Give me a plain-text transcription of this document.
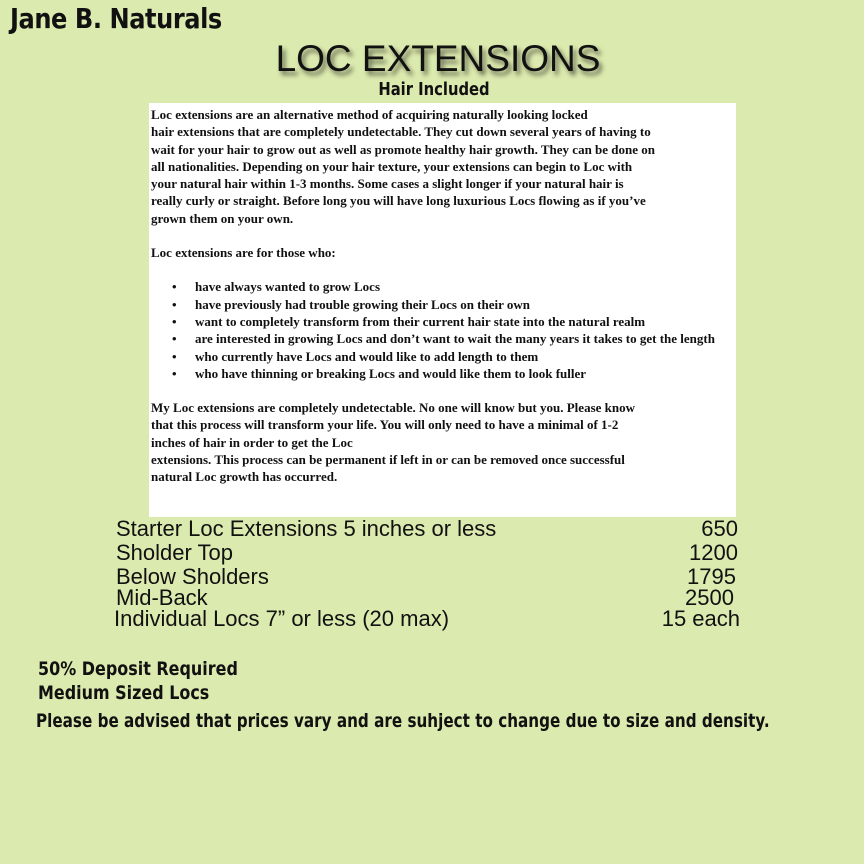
Jane B. Naturals
LOC EXTENSIONS
Hair Included

Loc extensions are an alternative method of acquiring naturally looking locked

hair extensions that are completely undetectable. They cut down several years of having to

wait for your hair to grow out as well as promote healthy hair growth. They can be done on

all nationalities. Depending on your hair texture, your extensions can begin to Loc with

your natural hair within 1-3 months. Some cases a slight longer if your natural hair is

really curly or straight. Before long you will have long luxurious Locs flowing as if you’ve

grown them on your own.

Loc extensions are for those who:

• have always wanted to grow Locs
• have previously had trouble growing their Locs on their own
• want to completely transform from their current hair state into the natural realm
• are interested in growing Locs and don’t want to wait the many years it takes to get the length
• who currently have Locs and would like to add length to them
• who have thinning or breaking Locs and would like them to look fuller

My Loc extensions are completely undetectable. No one will know but you. Please know

that this process will transform your life. You will only need to have a minimal of 1-2

inches of hair in order to get the Loc

extensions. This process can be permanent if left in or can be removed once successful

natural Loc growth has occurred.

Starter Loc Extensions 5 inches or less	650
Sholder Top	1200
Below Sholders	1795
Mid-Back	2500
Individual Locs 7” or less (20 max)	15 each
50% Deposit Required
Medium Sized Locs
Please be advised that prices vary and are suhject to change due to size and density.
